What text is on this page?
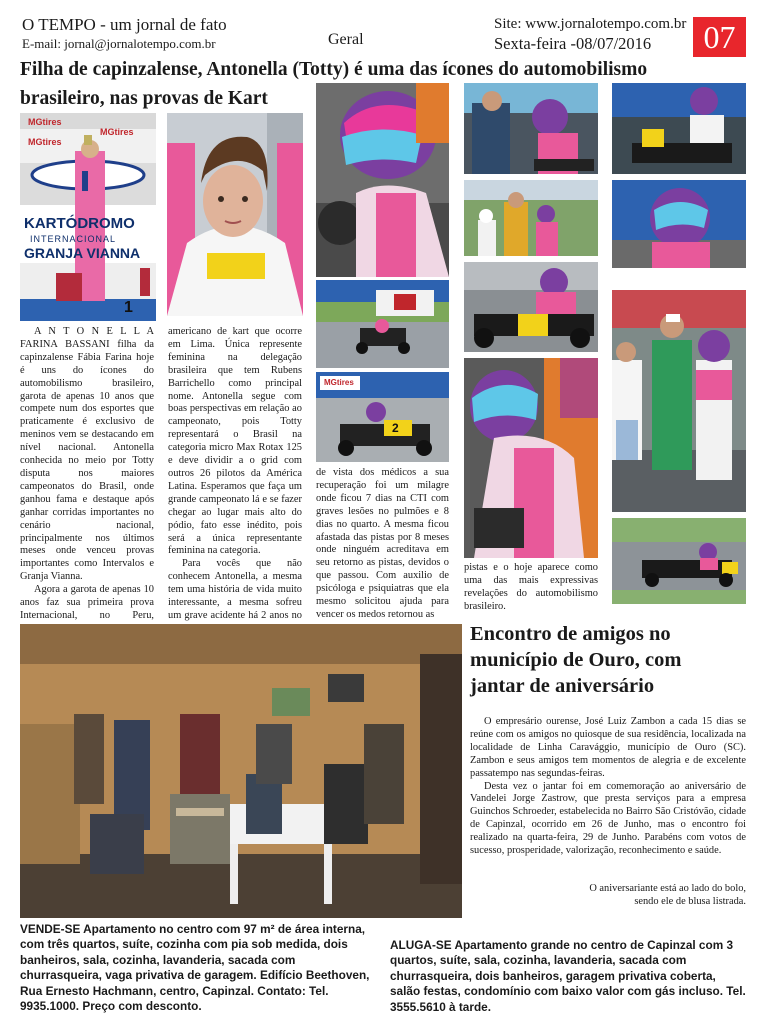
O TEMPO - um jornal de fato
E-mail: jornal@jornalotempo.com.br	Geral
Site: www.jornalotempo.com.br
Sexta-feira -08/07/2016	07
Filha de capinzalense, Antonella (Totty) é uma das ícones do automobilismo
brasileiro, nas provas de Kart
MGtires
MGtires
MGtires
KARTÓDROMO
INTERNACIONAL
GRANJA VIANNA
1
MGtires
2

A N T O N E L L A FARINA BASSANI filha da capinzalense Fábia Farina hoje é uns do ícones do automobilismo brasileiro, garota de apenas 10 anos que compete num dos esportes que praticamente é exclusivo de meninos vem se destacando em nível nacional. Antonella conhecida no meio por Totty disputa nos maiores campeonatos do Brasil, onde ganhou fama e destaque após ganhar corridas importantes no cenário nacional, principalmente nos últimos meses onde venceu provas importantes como Intervalos e Granja Vianna.

Agora a garota de apenas 10 anos faz sua primeira prova Internacional, no Peru,

americano de kart que ocorre em Lima. Única represente feminina na delegação brasileira que tem Rubens Barrichello como principal nome. Antonella segue com boas perspectivas em relação ao campeonato, pois Totty representará o Brasil na categoria micro Max Rotax 125 e deve dividir a o grid com outros 26 pilotos da América Latina. Esperamos que faça um grande campeonato lá e se fazer chegar ao lugar mais alto do pódio, fato esse inédito, pois será a única representante feminina na categoria.

Para vocês que não conhecem Antonella, a mesma tem uma história de vida muito interessante, a mesma sofreu um grave acidente há 2 anos no

de vista dos médicos a sua recuperação foi um milagre onde ficou 7 dias na CTI com graves lesões no pulmões e 8 dias no quarto. A mesma ficou afastada das pistas por 8 meses onde ninguém acreditava em seu retorno as pistas, devidos o que passou. Com auxilio de psicóloga e psiquiatras que ela mesmo solicitou ajuda para vencer os medos retornou as

pistas e o hoje aparece como uma das mais expressivas revelações do automobilismo brasileiro.

Encontro de amigos no
município de Ouro, com
jantar de aniversário

O empresário ourense, José Luiz Zambon a cada 15 dias se reúne com os amigos no quiosque de sua residência, localizada na localidade de Linha Caravággio, município de Ouro (SC). Zambon e seus amigos tem momentos de alegria e de excelente passatempo nas segundas-feiras.

Desta vez o jantar foi em comemoração ao aniversário de Vandelei Jorge Zastrow, que presta serviços para a empresa Guinchos Schroeder, estabelecida no Bairro São Cristóvão, cidade de Capinzal, ocorrido em 26 de Junho, mas o encontro foi realizado na quarta-feira, 29 de Junho. Parabéns com votos de sucesso, prosperidade, valorização, reconhecimento e saúde.

O aniversariante está ao lado do bolo,
sendo ele de blusa listrada.
VENDE-SE Apartamento no centro com 97 m² de área interna, com três quartos, suíte, cozinha com pia sob medida, dois banheiros, sala, cozinha, lavanderia, sacada com churrasqueira, vaga privativa de garagem. Edifício Beethoven, Rua Ernesto Hachmann, centro, Capinzal. Contato: Tel. 9935.1000. Preço com desconto.
ALUGA-SE Apartamento grande no centro de Capinzal com 3 quartos, suíte, sala, cozinha, lavanderia, sacada com churrasqueira, dois banheiros, garagem privativa coberta, salão festas, condomínio com baixo valor com gás incluso. Tel. 3555.5610 à tarde.
